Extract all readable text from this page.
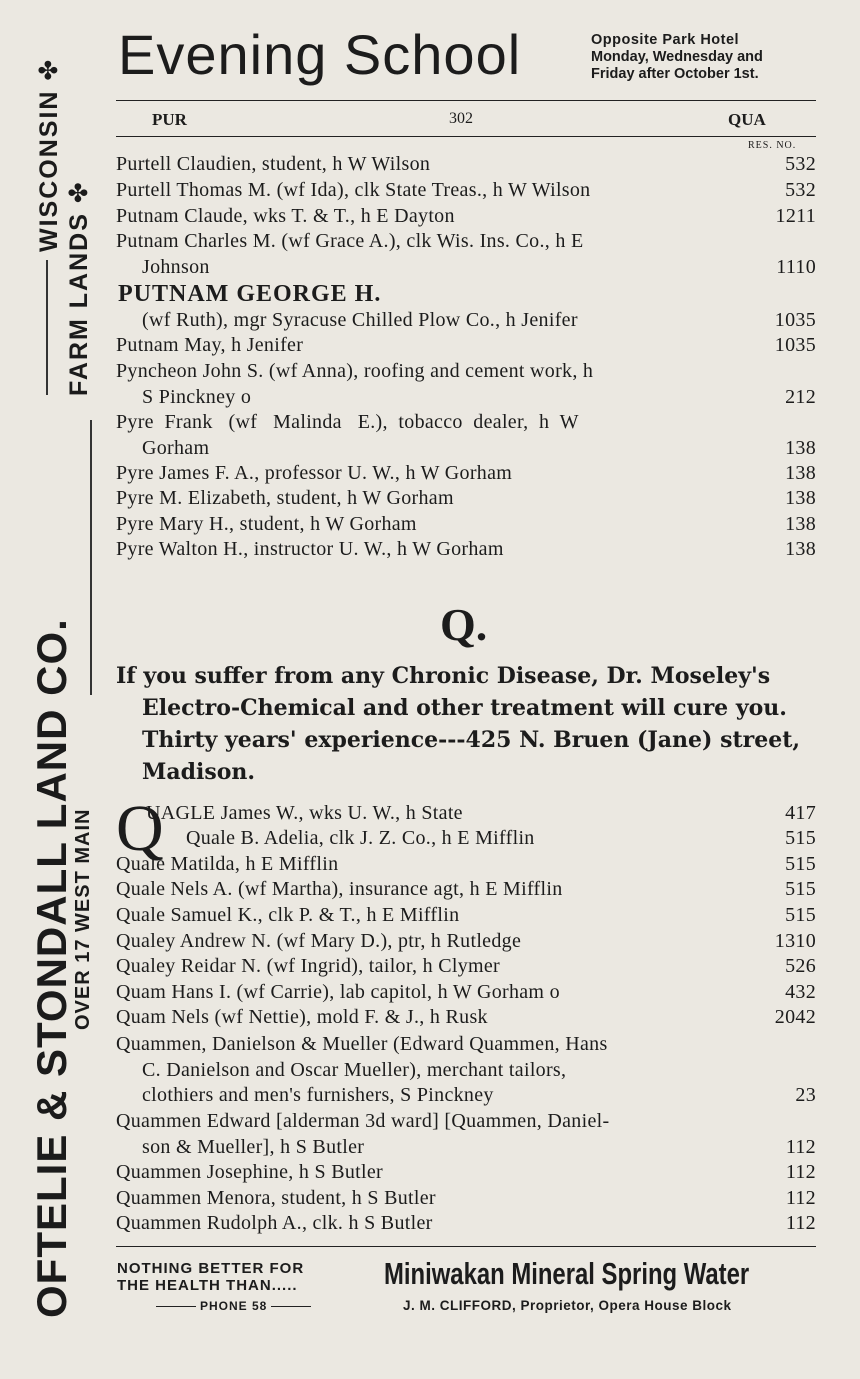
WISCONSIN ✤
FARM LANDS ✤
OFTELIE & STONDALL LAND CO.
OVER 17 WEST MAIN
Evening School	Opposite Park Hotel
Monday, Wednesday and
Friday after October 1st.
PUR	302	QUA
RES. NO.
Purtell Claudien, student, h W Wilson	532
Purtell Thomas M. (wf Ida), clk State Treas., h W Wilson	532
Putnam Claude, wks T. & T., h E Dayton	1211
Putnam Charles M. (wf Grace A.), clk Wis. Ins. Co., h E
Johnson	1110
PUTNAM GEORGE H.
(wf Ruth), mgr Syracuse Chilled Plow Co., h Jenifer	1035
Putnam May, h Jenifer	1035
Pyncheon John S. (wf Anna), roofing and cement work, h
S Pinckney o	212
Pyre  Frank   (wf   Malinda   E.),  tobacco  dealer,  h  W
Gorham	138
Pyre James F. A., professor U. W., h W Gorham	138
Pyre M. Elizabeth, student, h W Gorham	138
Pyre Mary H., student, h W Gorham	138
Pyre Walton H., instructor U. W., h W Gorham	138
Q.
If you suffer from any Chronic Disease, Dr. Moseley's
Electro-Chemical and other treatment will cure you.
Thirty years' experience---425 N. Bruen (Jane) street,
Madison.
Q
UAGLE James W., wks U. W., h State	417
Quale B. Adelia, clk J. Z. Co., h E Mifflin	515
Quale Matilda, h E Mifflin	515
Quale Nels A. (wf Martha), insurance agt, h E Mifflin	515
Quale Samuel K., clk P. & T., h E Mifflin	515
Qualey Andrew N. (wf Mary D.), ptr, h Rutledge	1310
Qualey Reidar N. (wf Ingrid), tailor, h Clymer	526
Quam Hans I. (wf Carrie), lab capitol, h W Gorham o	432
Quam Nels (wf Nettie), mold F. & J., h Rusk	2042
Quammen, Danielson & Mueller (Edward Quammen, Hans
C. Danielson and Oscar Mueller), merchant tailors,
clothiers and men's furnishers, S Pinckney	23
Quammen Edward [alderman 3d ward] [Quammen, Daniel-
son & Mueller], h S Butler	112
Quammen Josephine, h S Butler	112
Quammen Menora, student, h S Butler	112
Quammen Rudolph A., clk. h S Butler	112
NOTHING BETTER FOR
THE HEALTH THAN.....
PHONE 58
Miniwakan Mineral Spring Water
J. M. CLIFFORD, Proprietor, Opera House Block
